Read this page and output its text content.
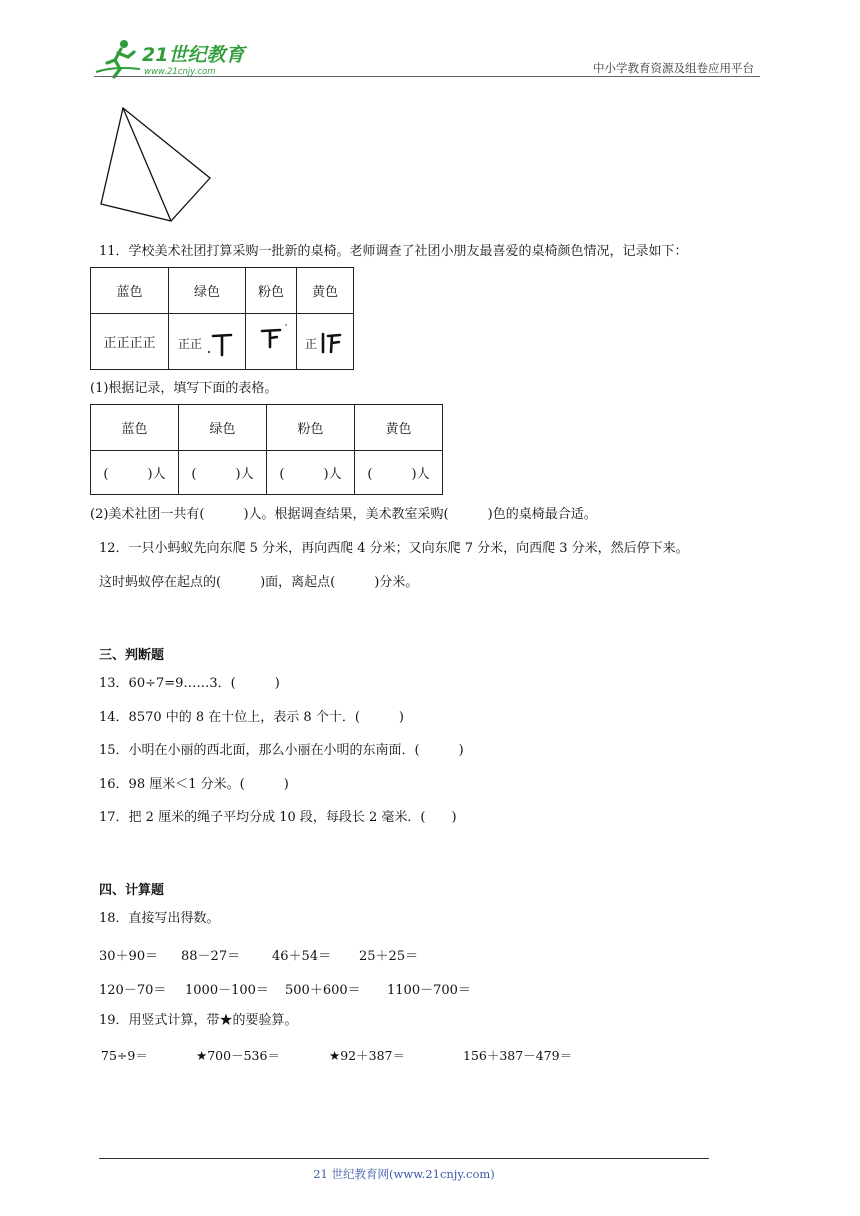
21世纪教育
www.21cnjy.com	中小学教育资源及组卷应用平台
11．学校美术社团打算采购一批新的桌椅。老师调查了社团小朋友最喜爱的桌椅颜色情况，记录如下：
蓝色	绿色	粉色	黄色
正正正正	正正		正
(1)根据记录，填写下面的表格。
蓝色	绿色	粉色	黄色
(　　　)人	(　　　)人	(　　　)人	(　　　)人
(2)美术社团一共有(　　　)人。根据调查结果，美术教室采购(　　　)色的桌椅最合适。
12．一只小蚂蚁先向东爬 5 分米，再向西爬 4 分米；又向东爬 7 分米，向西爬 3 分米，然后停下来。
这时蚂蚁停在起点的(　　　)面，离起点(　　　)分米。
三、判断题
13．60÷7=9……3．(　　　)
14．8570 中的 8 在十位上，表示 8 个十．(　　　)
15．小明在小丽的西北面，那么小丽在小明的东南面．(　　　)
16．98 厘米＜1 分米。(　　　)
17．把 2 厘米的绳子平均分成 10 段，每段长 2 毫米．(　　)
四、计算题
18．直接写出得数。
30＋90＝ 88－27＝ 46＋54＝ 25＋25＝
120－70＝ 1000－100＝ 500＋600＝ 1100－700＝
19．用竖式计算，带★的要验算。
75÷9＝	★700－536＝	★92＋387＝	156＋387－479＝
21 世纪教育网(www.21cnjy.com)
